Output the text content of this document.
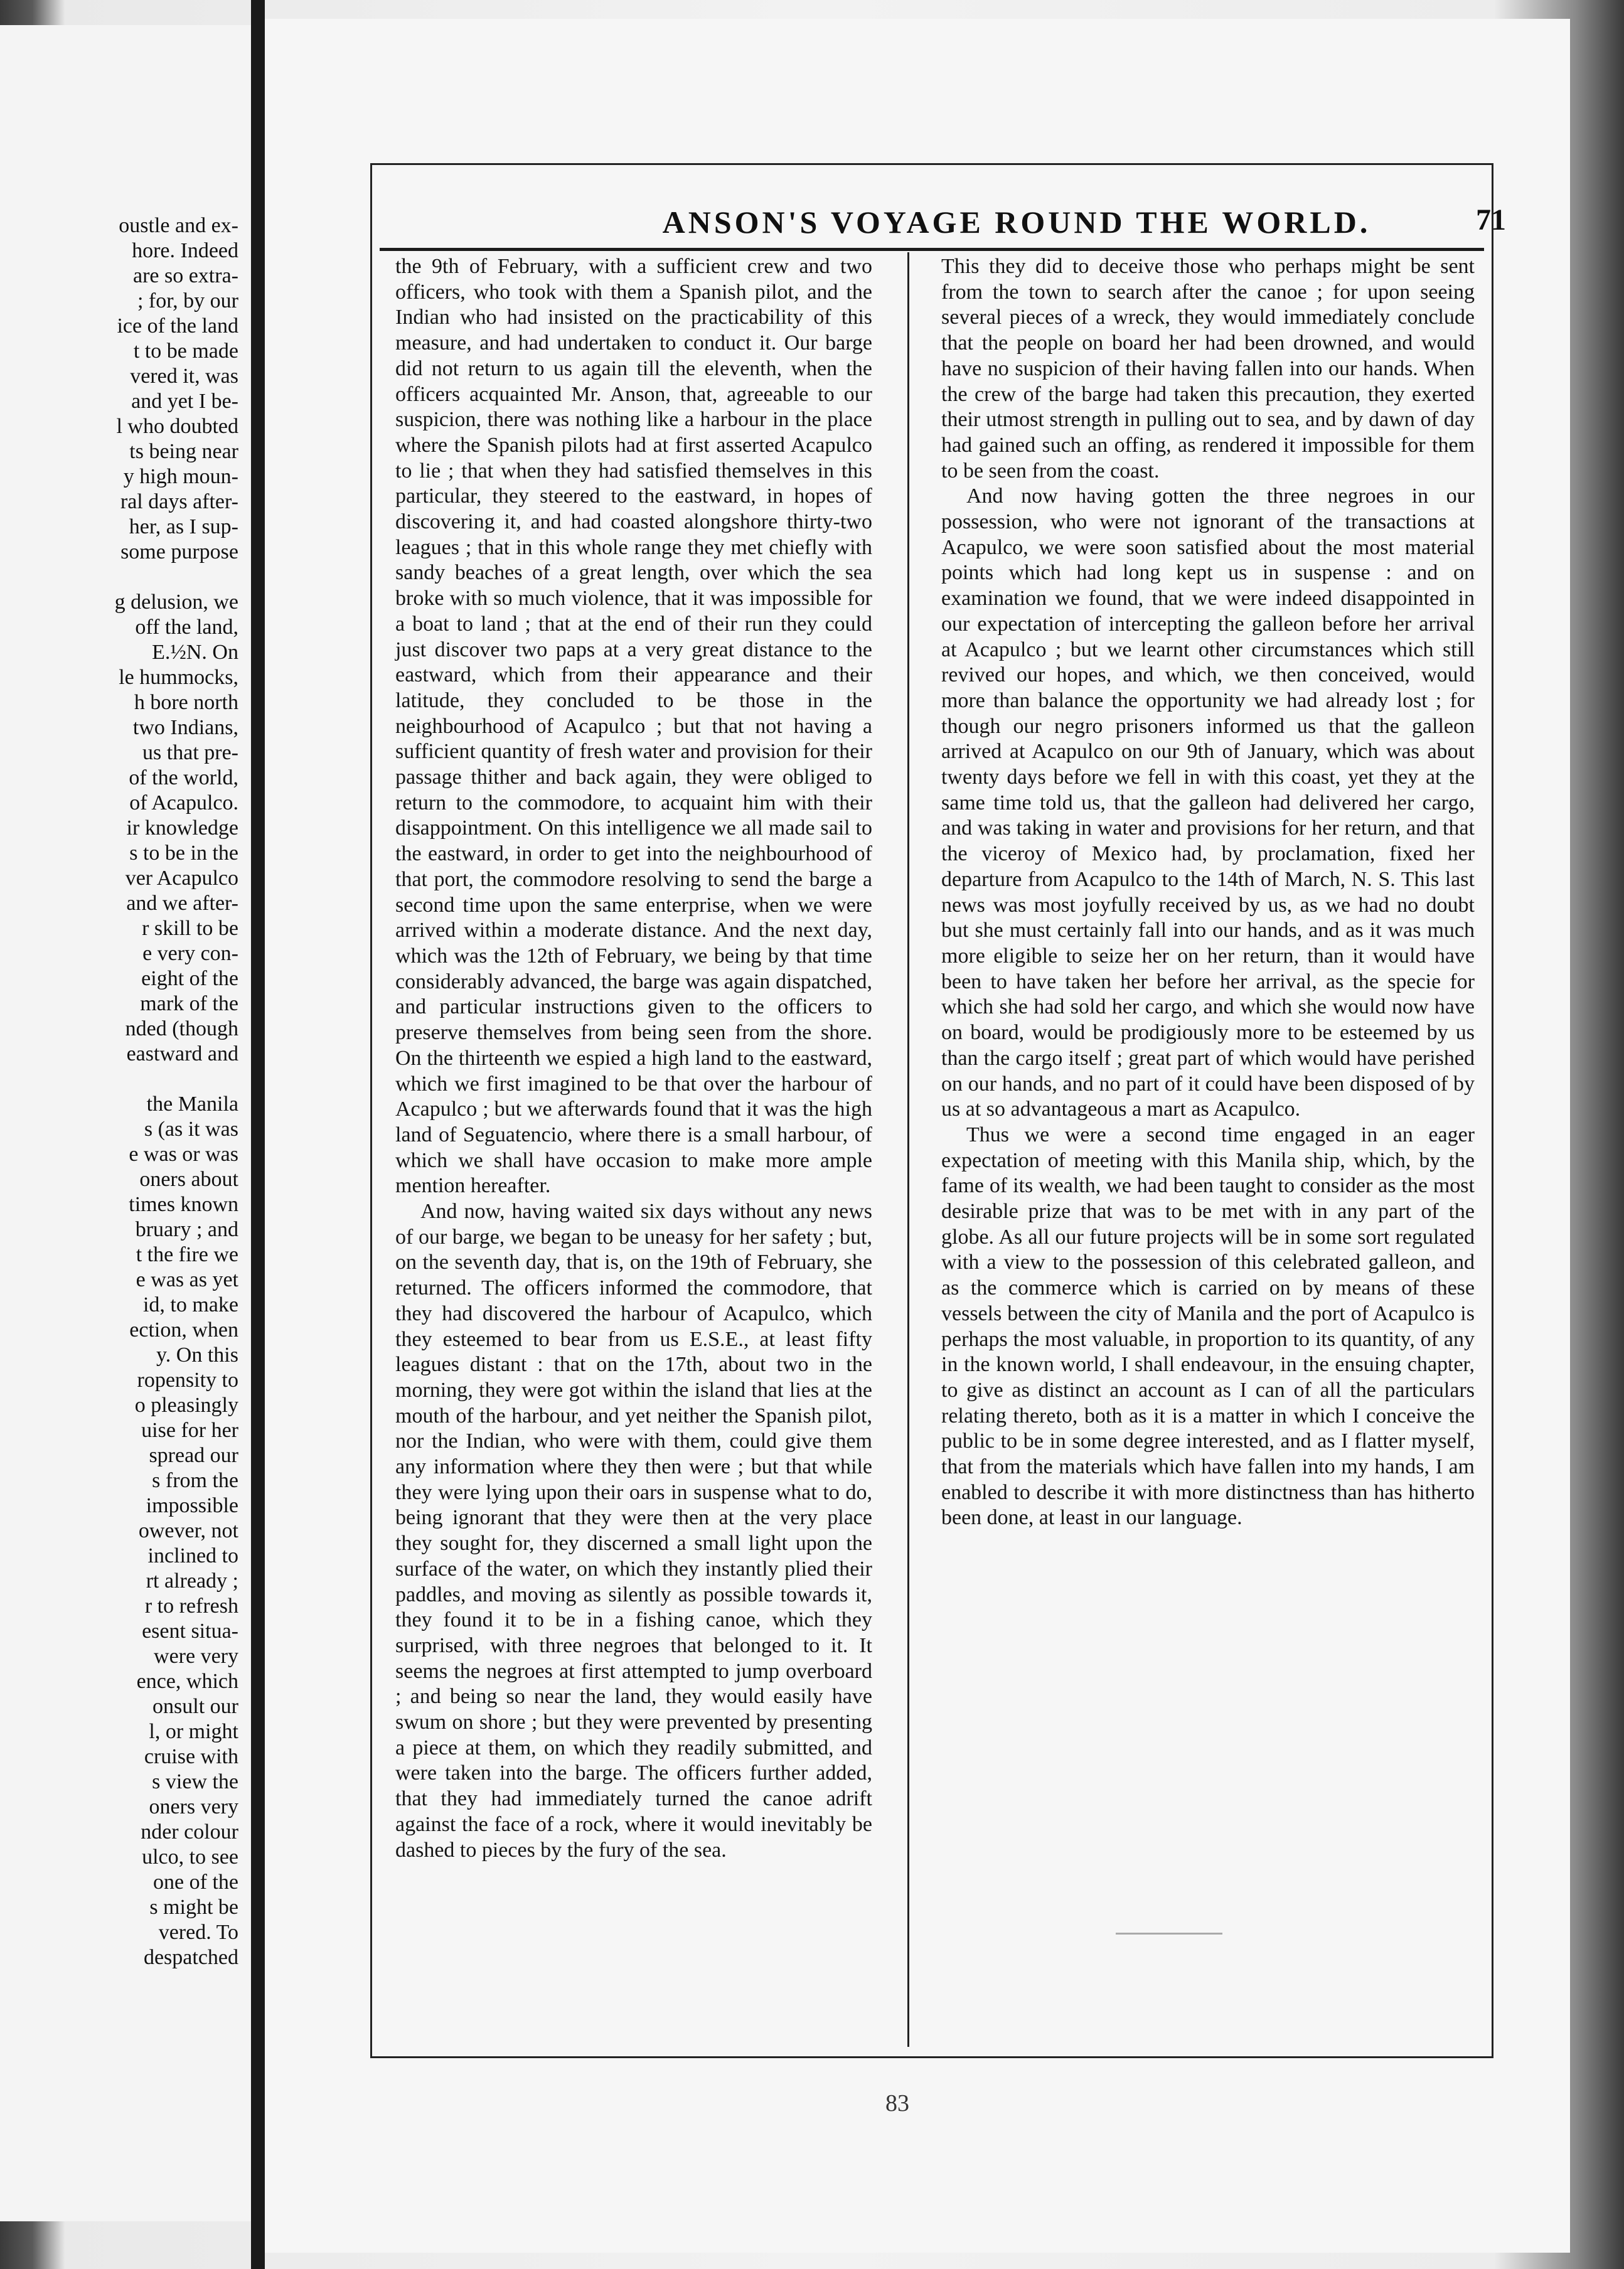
oustle and ex-
hore. Indeed
are so extra-
; for, by our
ice of the land
t to be made
vered it, was
and yet I be-
l who doubted
ts being near
y high moun-
ral days after-
her, as I sup-
some purpose

g delusion, we
off the land,
E.½N. On
le hummocks,
h bore north
two Indians,
us that pre-
of the world,
of Acapulco.
ir knowledge
s to be in the
ver Acapulco
and we after-
r skill to be
e very con-
eight of the
mark of the
nded (though
eastward and

the Manila
s (as it was
e was or was
oners about
times known
bruary ; and
t the fire we
e was as yet
id, to make
ection, when
y. On this
ropensity to
o pleasingly
uise for her
spread our
s from the
impossible
owever, not
inclined to
rt already ;
r to refresh
esent situa-
were very
ence, which
onsult our
l, or might
cruise with
s view the
oners very
nder colour
ulco, to see
one of the
s might be
vered. To
despatched
ANSON'S VOYAGE ROUND THE WORLD.	71

the 9th of February, with a sufficient crew and two officers, who took with them a Spanish pilot, and the Indian who had insisted on the practicability of this measure, and had undertaken to conduct it. Our barge did not return to us again till the eleventh, when the officers acquainted Mr. Anson, that, agreeable to our suspicion, there was nothing like a harbour in the place where the Spanish pilots had at first asserted Acapulco to lie ; that when they had satisfied themselves in this particular, they steered to the eastward, in hopes of discovering it, and had coasted alongshore thirty-two leagues ; that in this whole range they met chiefly with sandy beaches of a great length, over which the sea broke with so much violence, that it was impossible for a boat to land ; that at the end of their run they could just discover two paps at a very great distance to the eastward, which from their appearance and their latitude, they concluded to be those in the neighbourhood of Acapulco ; but that not having a sufficient quantity of fresh water and provision for their passage thither and back again, they were obliged to return to the commodore, to acquaint him with their disappointment. On this intelligence we all made sail to the eastward, in order to get into the neighbourhood of that port, the commodore resolving to send the barge a second time upon the same enterprise, when we were arrived within a moderate distance. And the next day, which was the 12th of February, we being by that time considerably advanced, the barge was again dispatched, and particular instructions given to the officers to preserve themselves from being seen from the shore. On the thirteenth we espied a high land to the eastward, which we first imagined to be that over the harbour of Acapulco ; but we afterwards found that it was the high land of Seguatencio, where there is a small harbour, of which we shall have occasion to make more ample mention hereafter.

And now, having waited six days without any news of our barge, we began to be uneasy for her safety ; but, on the seventh day, that is, on the 19th of February, she returned. The officers informed the commodore, that they had discovered the harbour of Acapulco, which they esteemed to bear from us E.S.E., at least fifty leagues distant : that on the 17th, about two in the morning, they were got within the island that lies at the mouth of the harbour, and yet neither the Spanish pilot, nor the Indian, who were with them, could give them any information where they then were ; but that while they were lying upon their oars in suspense what to do, being ignorant that they were then at the very place they sought for, they discerned a small light upon the surface of the water, on which they instantly plied their paddles, and moving as silently as possible towards it, they found it to be in a fishing canoe, which they surprised, with three negroes that belonged to it. It seems the negroes at first attempted to jump overboard ; and being so near the land, they would easily have swum on shore ; but they were prevented by presenting a piece at them, on which they readily submitted, and were taken into the barge. The officers further added, that they had immediately turned the canoe adrift against the face of a rock, where it would inevitably be dashed to pieces by the fury of the sea.

This they did to deceive those who perhaps might be sent from the town to search after the canoe ; for upon seeing several pieces of a wreck, they would immediately conclude that the people on board her had been drowned, and would have no suspicion of their having fallen into our hands. When the crew of the barge had taken this precaution, they exerted their utmost strength in pulling out to sea, and by dawn of day had gained such an offing, as rendered it impossible for them to be seen from the coast.

And now having gotten the three negroes in our possession, who were not ignorant of the transactions at Acapulco, we were soon satisfied about the most material points which had long kept us in suspense : and on examination we found, that we were indeed disappointed in our expectation of intercepting the galleon before her arrival at Acapulco ; but we learnt other circumstances which still revived our hopes, and which, we then conceived, would more than balance the opportunity we had already lost ; for though our negro prisoners informed us that the galleon arrived at Acapulco on our 9th of January, which was about twenty days before we fell in with this coast, yet they at the same time told us, that the galleon had delivered her cargo, and was taking in water and provisions for her return, and that the viceroy of Mexico had, by proclamation, fixed her departure from Acapulco to the 14th of March, N. S. This last news was most joyfully received by us, as we had no doubt but she must certainly fall into our hands, and as it was much more eligible to seize her on her return, than it would have been to have taken her before her arrival, as the specie for which she had sold her cargo, and which she would now have on board, would be prodigiously more to be esteemed by us than the cargo itself ; great part of which would have perished on our hands, and no part of it could have been disposed of by us at so advantageous a mart as Acapulco.

Thus we were a second time engaged in an eager expectation of meeting with this Manila ship, which, by the fame of its wealth, we had been taught to consider as the most desirable prize that was to be met with in any part of the globe. As all our future projects will be in some sort regulated with a view to the possession of this celebrated galleon, and as the commerce which is carried on by means of these vessels between the city of Manila and the port of Acapulco is perhaps the most valuable, in proportion to its quantity, of any in the known world, I shall endeavour, in the ensuing chapter, to give as distinct an account as I can of all the particulars relating thereto, both as it is a matter in which I conceive the public to be in some degree interested, and as I flatter myself, that from the materials which have fallen into my hands, I am enabled to describe it with more distinctness than has hitherto been done, at least in our language.

83
